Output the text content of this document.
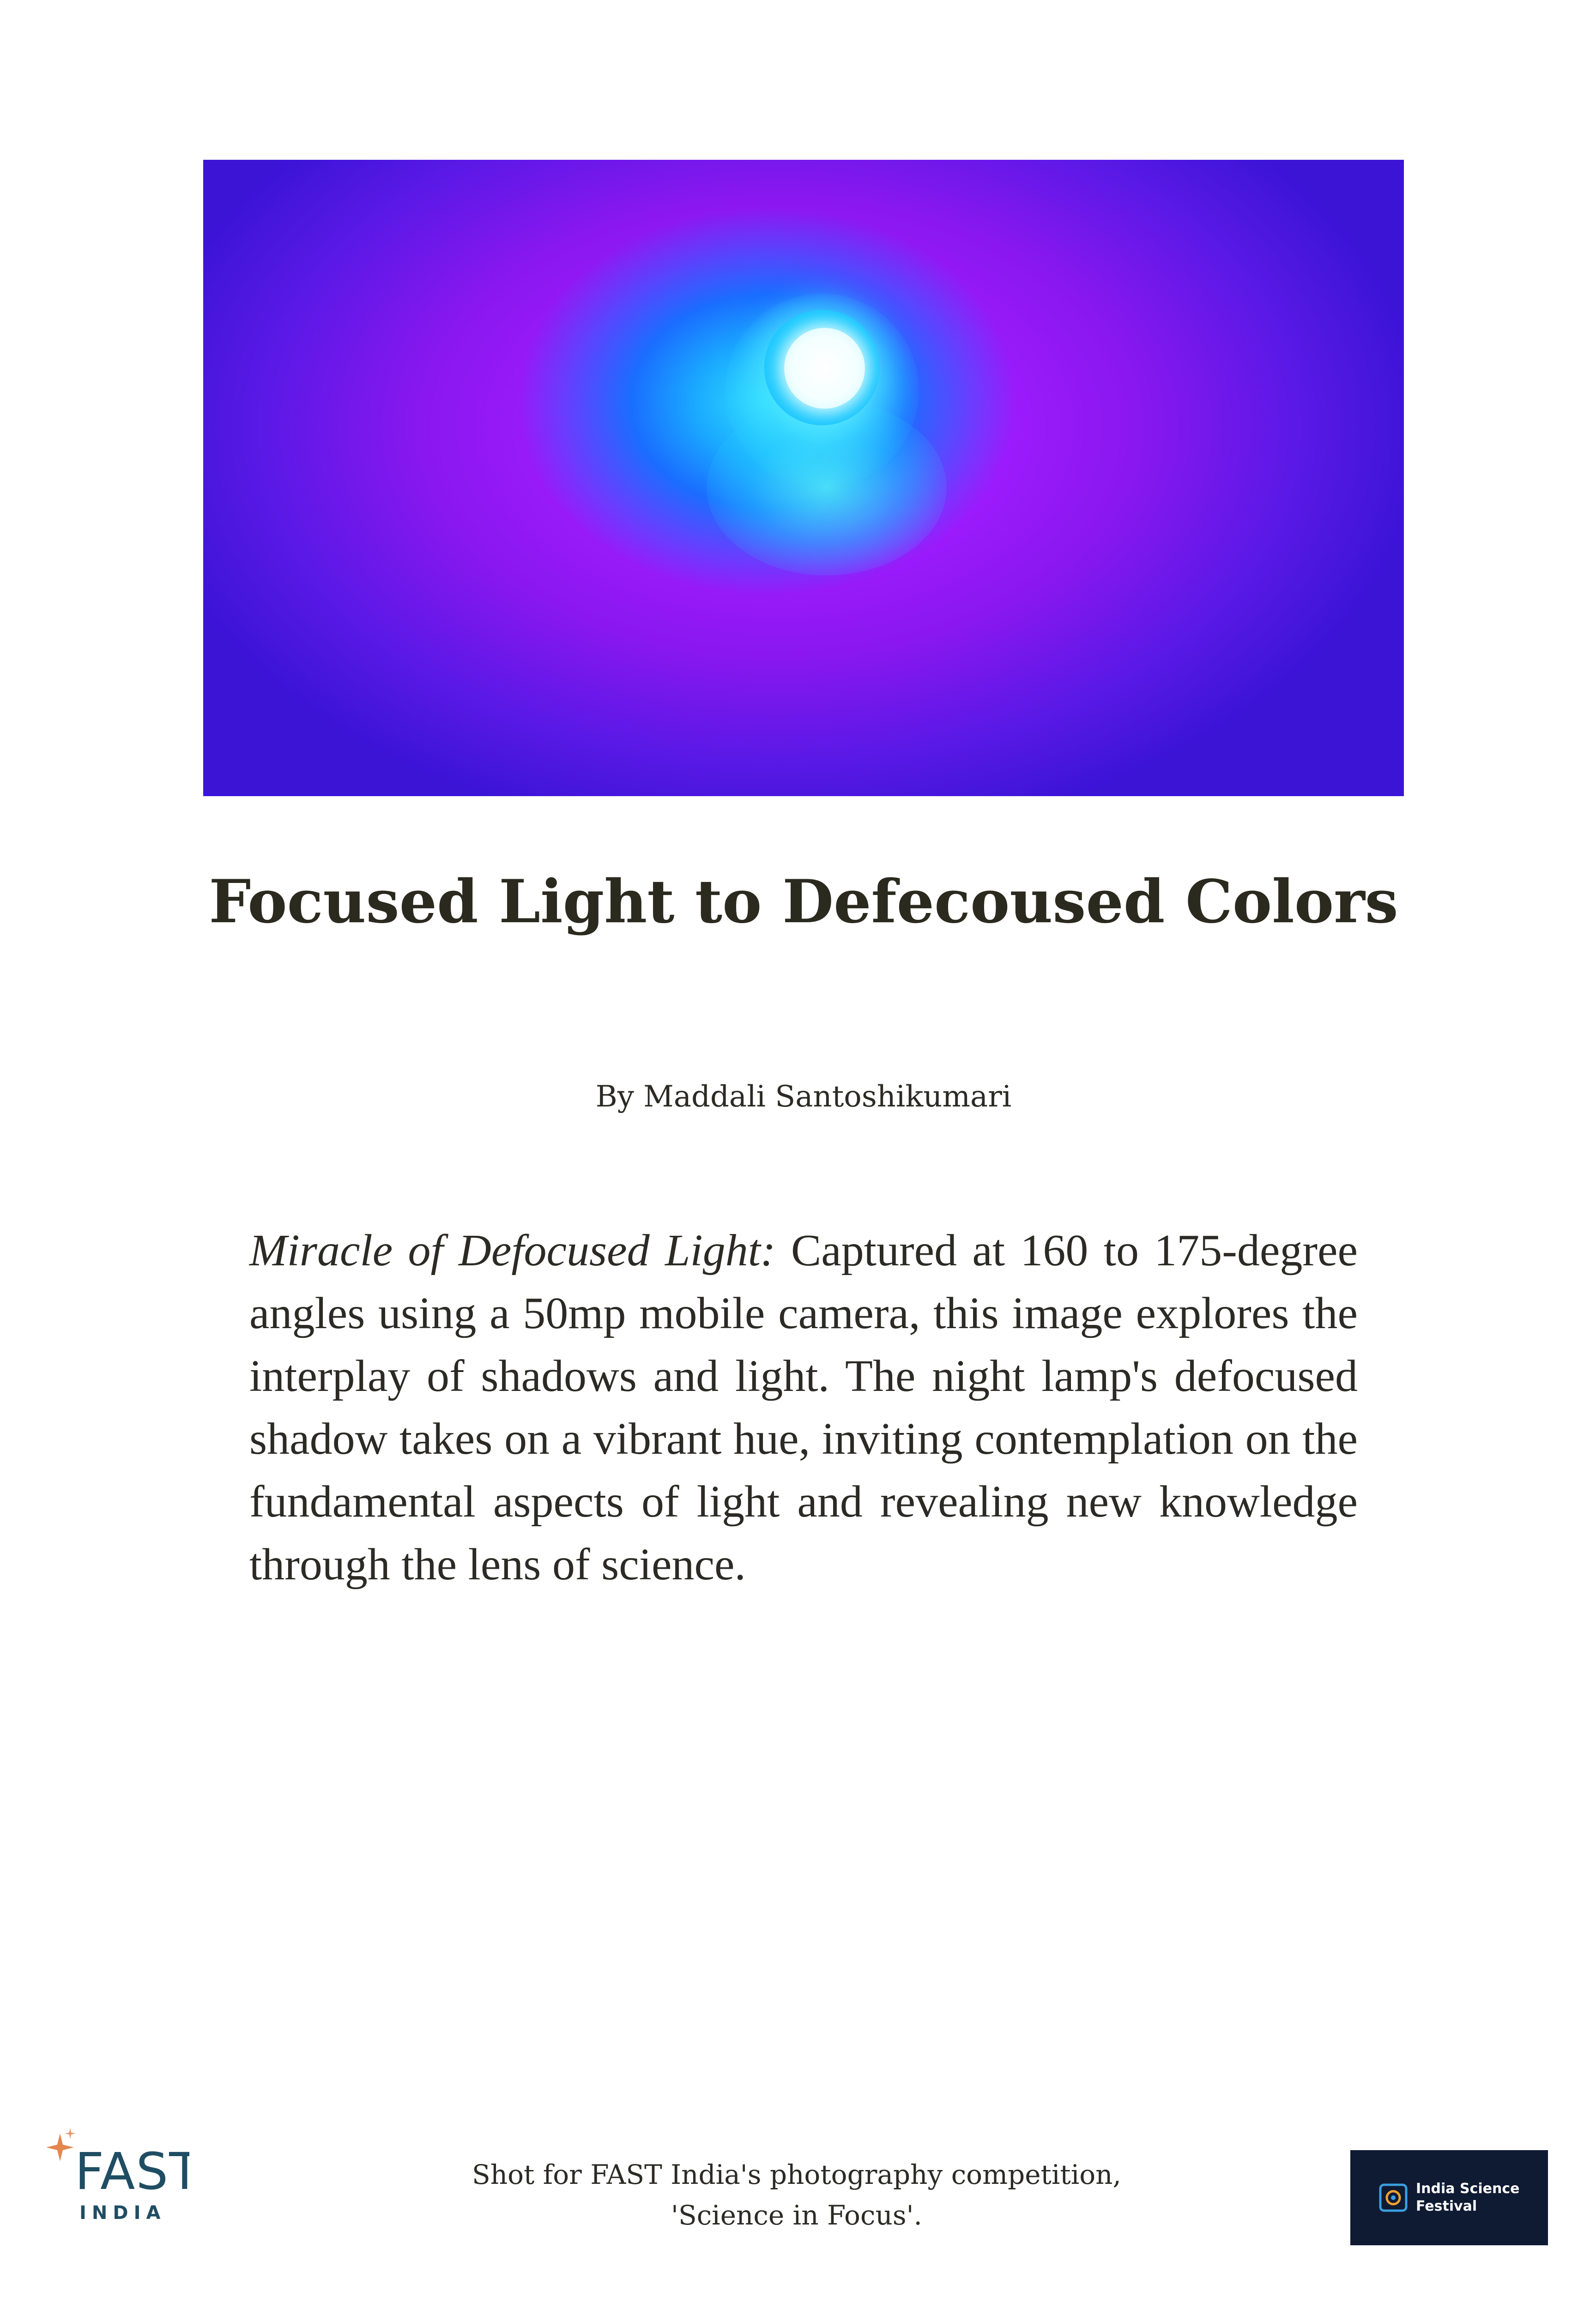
Focused Light to Defecoused Colors
By Maddali Santoshikumari

Miracle of Defocused Light: Captured at 160 to 175-degree angles using a 50mp mobile camera, this image explores the interplay of shadows and light. The night lamp's defocused shadow takes on a vibrant hue, inviting contemplation on the fundamental aspects of light and revealing new knowledge through the lens of science.

FAST
INDIA
Shot for FAST India's photography competition,
'Science in Focus'.
India Science
Festival
